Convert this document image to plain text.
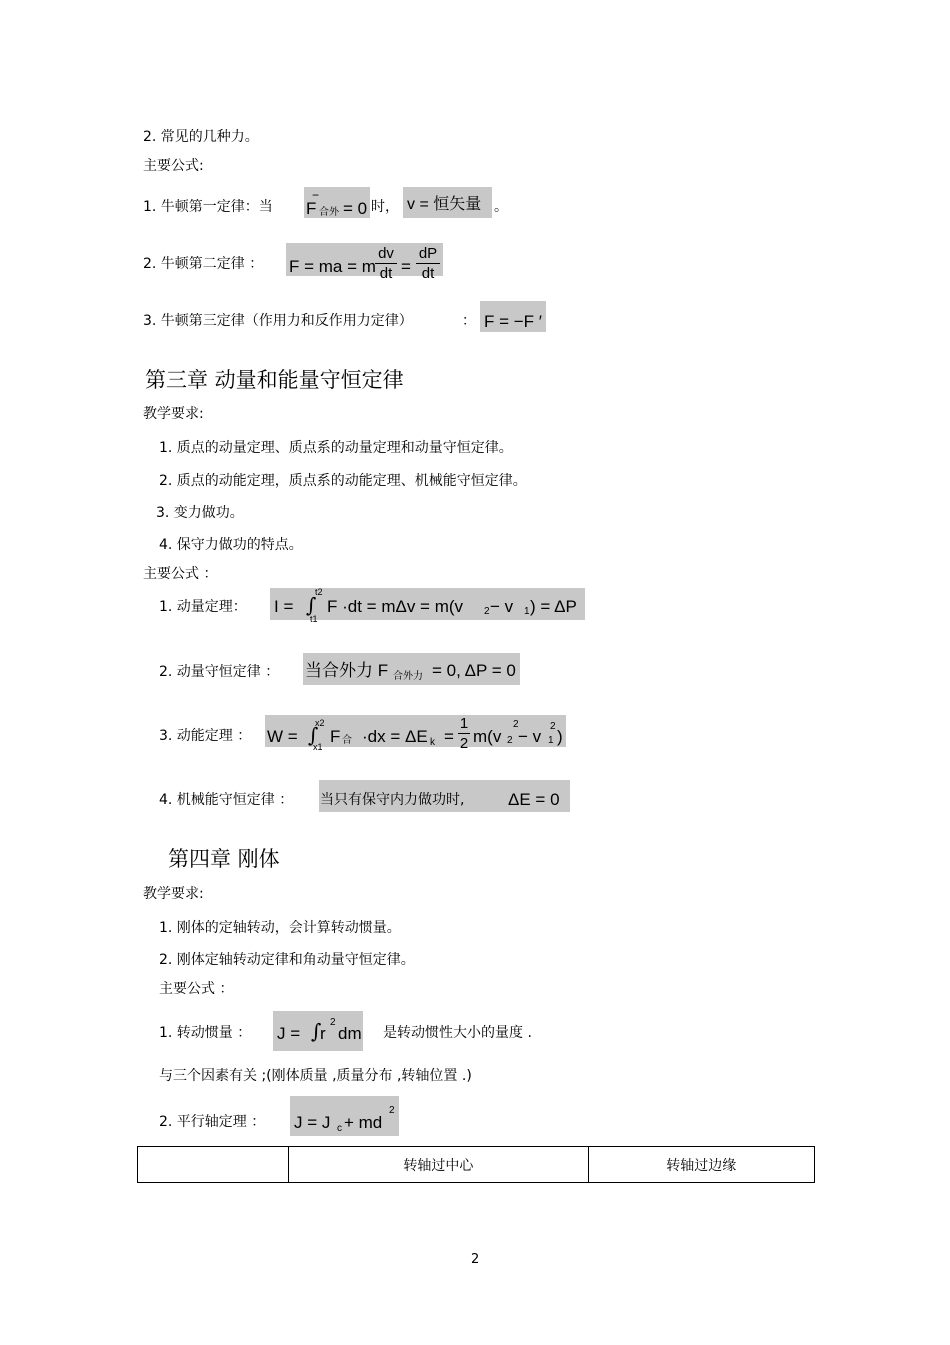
2. 常见的几种力。
主要公式:
1. 牛顿第一定律：当
−
F 合外 = 0 时， v = 恒矢量 。
2. 牛顿第二定律 ： F = ma = m
dv
dt =
dP
dt
3. 牛顿第三定律（作用力和反作用力定律）	： F = −F ′
第三章 动量和能量守恒定律
教学要求:
1. 质点的动量定理、质点系的动量定理和动量守恒定律。
2. 质点的动能定理，质点系的动能定理、机械能守恒定律。
3. 变力做功。
4. 保守力做功的特点。
主要公式 ：
1. 动量定理： I = ∫
t2
t1
F ·dt = mΔv = m(v 2 − v 1 ) = ΔP
2. 动量守恒定律 ： 当合外力 F 合外力 = 0, ΔP = 0
3. 动能定理 ： W = ∫
x2
x1
F 合 ·dx = ΔE k =
1
2 m(v 2
2
− v 1
2
)
4. 机械能守恒定律 ： 当只有保守内力做功时,	ΔE = 0
第四章 刚体
教学要求:
1. 刚体的定轴转动，会计算转动惯量。
2. 刚体定轴转动定律和角动量守恒定律。
主要公式 ：
1. 转动惯量 ： J = ∫
r
2
dm 是转动惯性大小的量度 .
与三个因素有关 ;(刚体质量 ,质量分布 ,转轴位置 .)
2. 平行轴定理 ： J = J c + md
2
	转轴过中心	转轴过边缘
2
